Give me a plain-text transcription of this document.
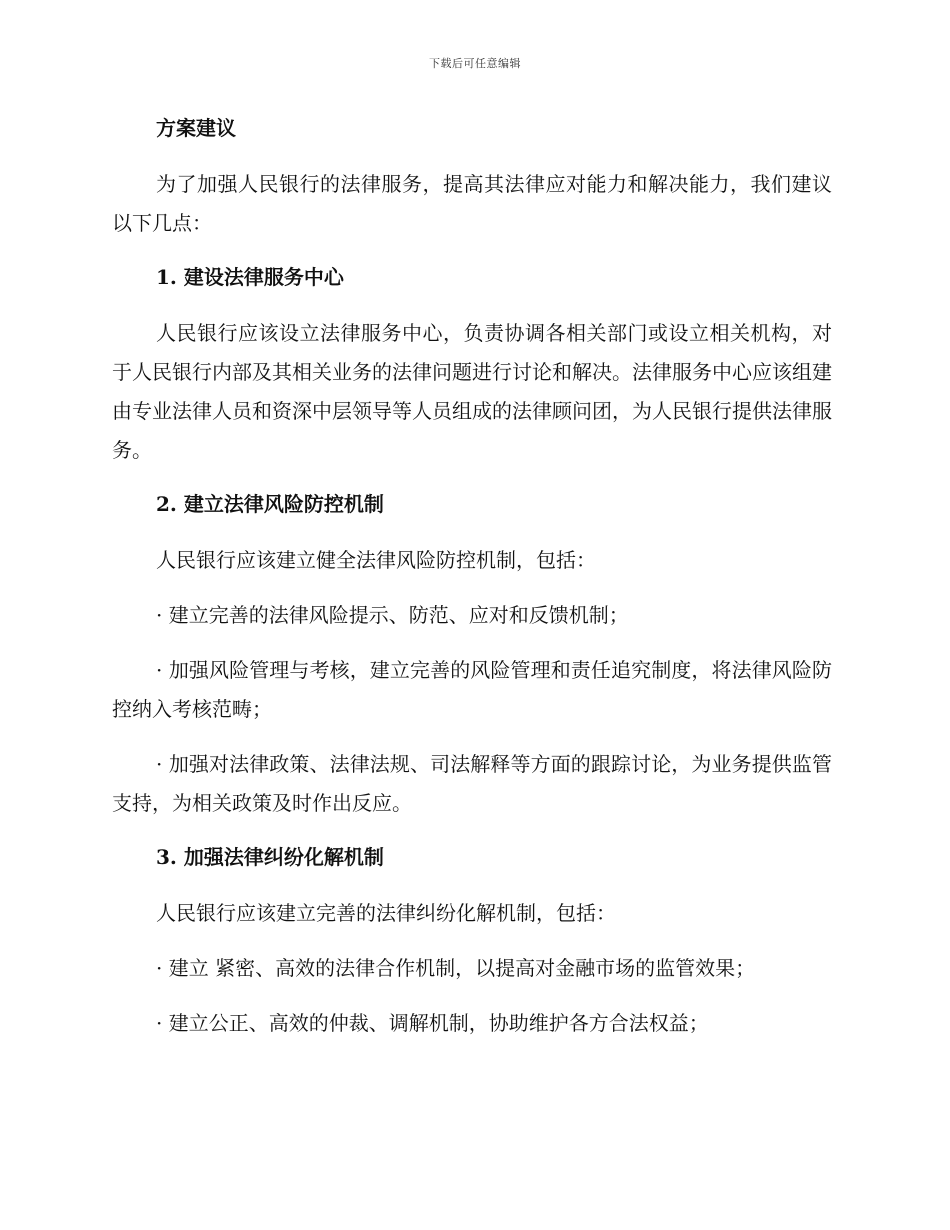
下载后可任意编辑
方案建议
为了加强人民银行的法律服务，提高其法律应对能力和解决能力，我们建议以下几点：
1. 建设法律服务中心
人民银行应该设立法律服务中心，负责协调各相关部门或设立相关机构，对于人民银行内部及其相关业务的法律问题进行讨论和解决。法律服务中心应该组建由专业法律人员和资深中层领导等人员组成的法律顾问团，为人民银行提供法律服务。
2. 建立法律风险防控机制
人民银行应该建立健全法律风险防控机制，包括：
· 建立完善的法律风险提示、防范、应对和反馈机制；
· 加强风险管理与考核，建立完善的风险管理和责任追究制度，将法律风险防控纳入考核范畴；
· 加强对法律政策、法律法规、司法解释等方面的跟踪讨论，为业务提供监管支持，为相关政策及时作出反应。
3. 加强法律纠纷化解机制
人民银行应该建立完善的法律纠纷化解机制，包括：
· 建立 紧密、高效的法律合作机制，以提高对金融市场的监管效果；
· 建立公正、高效的仲裁、调解机制，协助维护各方合法权益；
